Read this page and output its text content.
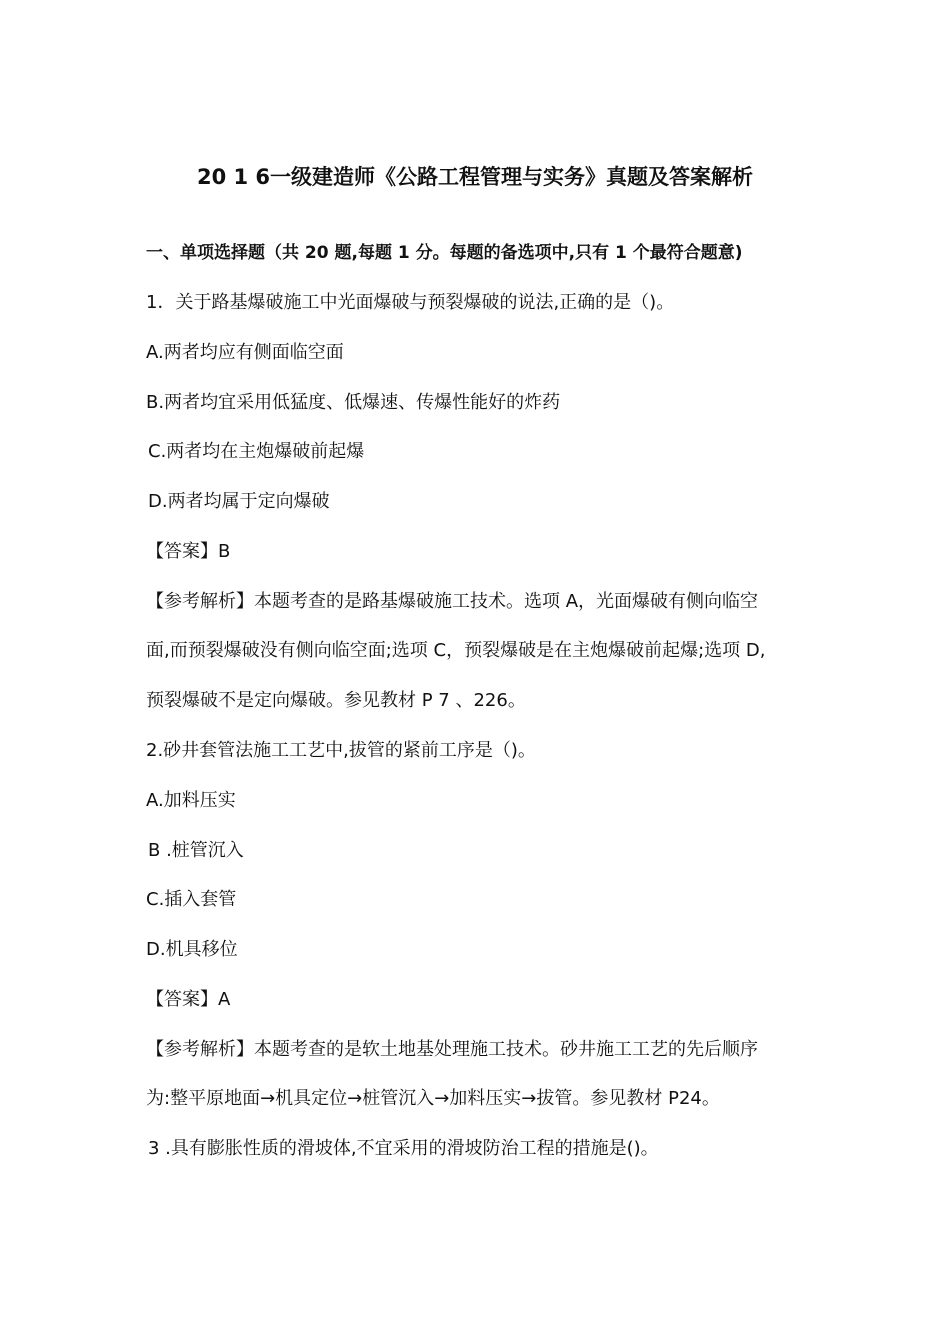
20 1 6一级建造师《公路工程管理与实务》真题及答案解析
一、单项选择题（共 20 题,每题 1 分。每题的备选项中,只有 1 个最符合题意)
1．关于路基爆破施工中光面爆破与预裂爆破的说法,正确的是（)。
A.两者均应有侧面临空面
B.两者均宜采用低猛度、低爆速、传爆性能好的炸药
C.两者均在主炮爆破前起爆
D.两者均属于定向爆破
【答案】B
【参考解析】本题考查的是路基爆破施工技术。选项 A，光面爆破有侧向临空
面,而预裂爆破没有侧向临空面;选项 C，预裂爆破是在主炮爆破前起爆;选项 D,
预裂爆破不是定向爆破。参见教材 P 7 、226。
2.砂井套管法施工工艺中,拔管的紧前工序是（)。
A.加料压实
B .桩管沉入
C.插入套管
D.机具移位
【答案】A
【参考解析】本题考查的是软土地基处理施工技术。砂井施工工艺的先后顺序
为:整平原地面→机具定位→桩管沉入→加料压实→拔管。参见教材 P24。
3 .具有膨胀性质的滑坡体,不宜采用的滑坡防治工程的措施是()。
